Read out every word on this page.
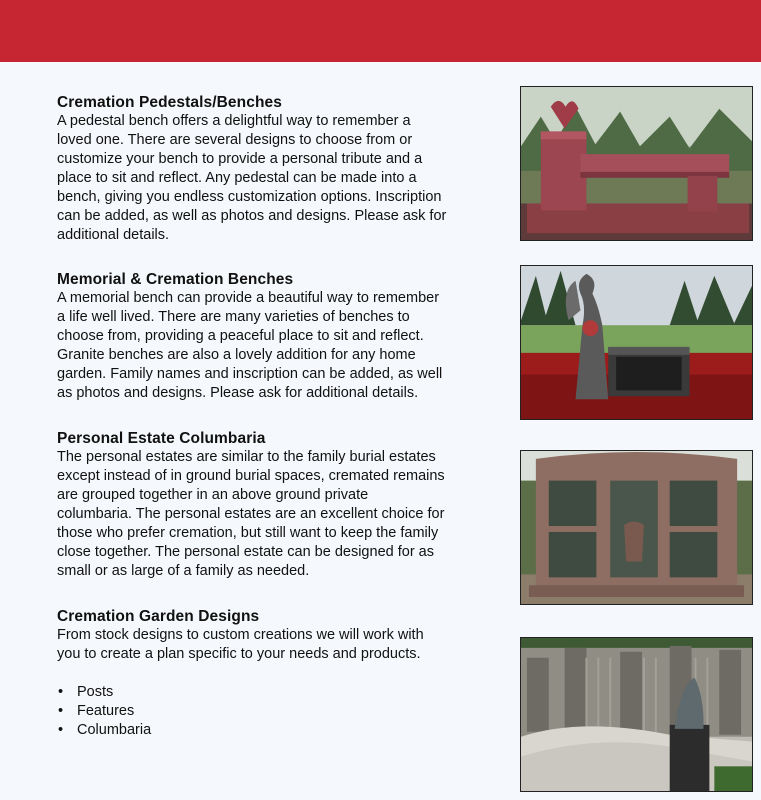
Cremation Pedestals/Benches

A pedestal bench offers a delightful way to remember a
loved one. There are several designs to choose from or
customize your bench to provide a personal tribute and a
place to sit and reflect. Any pedestal can be made into a
bench, giving you endless customization options. Inscription
can be added, as well as photos and designs. Please ask for
additional details.

Memorial & Cremation Benches

A memorial bench can provide a beautiful way to remember
a life well lived. There are many varieties of benches to
choose from, providing a peaceful place to sit and reflect.
Granite benches are also a lovely addition for any home
garden. Family names and inscription can be added, as well
as photos and designs. Please ask for additional details.

Personal Estate Columbaria

The personal estates are similar to the family burial estates
except instead of in ground burial spaces, cremated remains
are grouped together in an above ground private
columbaria. The personal estates are an excellent choice for
those who prefer cremation, but still want to keep the family
close together. The personal estate can be designed for as
small or as large of a family as needed.

Cremation Garden Designs

From stock designs to custom creations we will work with
you to create a plan specific to your needs and products.

• Posts
• Features
• Columbaria
